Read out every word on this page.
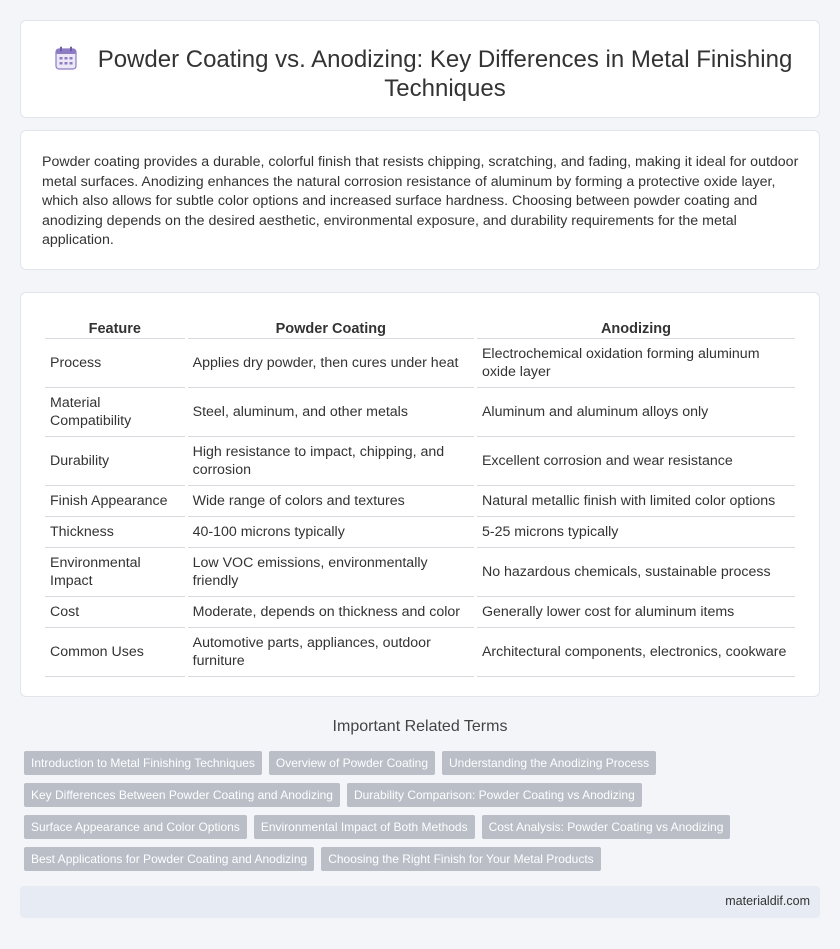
Powder Coating vs. Anodizing: Key Differences in Metal Finishing Techniques

Powder coating provides a durable, colorful finish that resists chipping, scratching, and fading, making it ideal for outdoor metal surfaces. Anodizing enhances the natural corrosion resistance of aluminum by forming a protective oxide layer, which also allows for subtle color options and increased surface hardness. Choosing between powder coating and anodizing depends on the desired aesthetic, environmental exposure, and durability requirements for the metal application.

Feature	Powder Coating	Anodizing
Process	Applies dry powder, then cures under heat	Electrochemical oxidation forming aluminum oxide layer
Material Compatibility	Steel, aluminum, and other metals	Aluminum and aluminum alloys only
Durability	High resistance to impact, chipping, and corrosion	Excellent corrosion and wear resistance
Finish Appearance	Wide range of colors and textures	Natural metallic finish with limited color options
Thickness	40-100 microns typically	5-25 microns typically
Environmental Impact	Low VOC emissions, environmentally friendly	No hazardous chemicals, sustainable process
Cost	Moderate, depends on thickness and color	Generally lower cost for aluminum items
Common Uses	Automotive parts, appliances, outdoor furniture	Architectural components, electronics, cookware
Important Related Terms
Introduction to Metal Finishing Techniques	Overview of Powder Coating	Understanding the Anodizing Process
Key Differences Between Powder Coating and Anodizing	Durability Comparison: Powder Coating vs Anodizing
Surface Appearance and Color Options	Environmental Impact of Both Methods	Cost Analysis: Powder Coating vs Anodizing
Best Applications for Powder Coating and Anodizing	Choosing the Right Finish for Your Metal Products
materialdif.com
